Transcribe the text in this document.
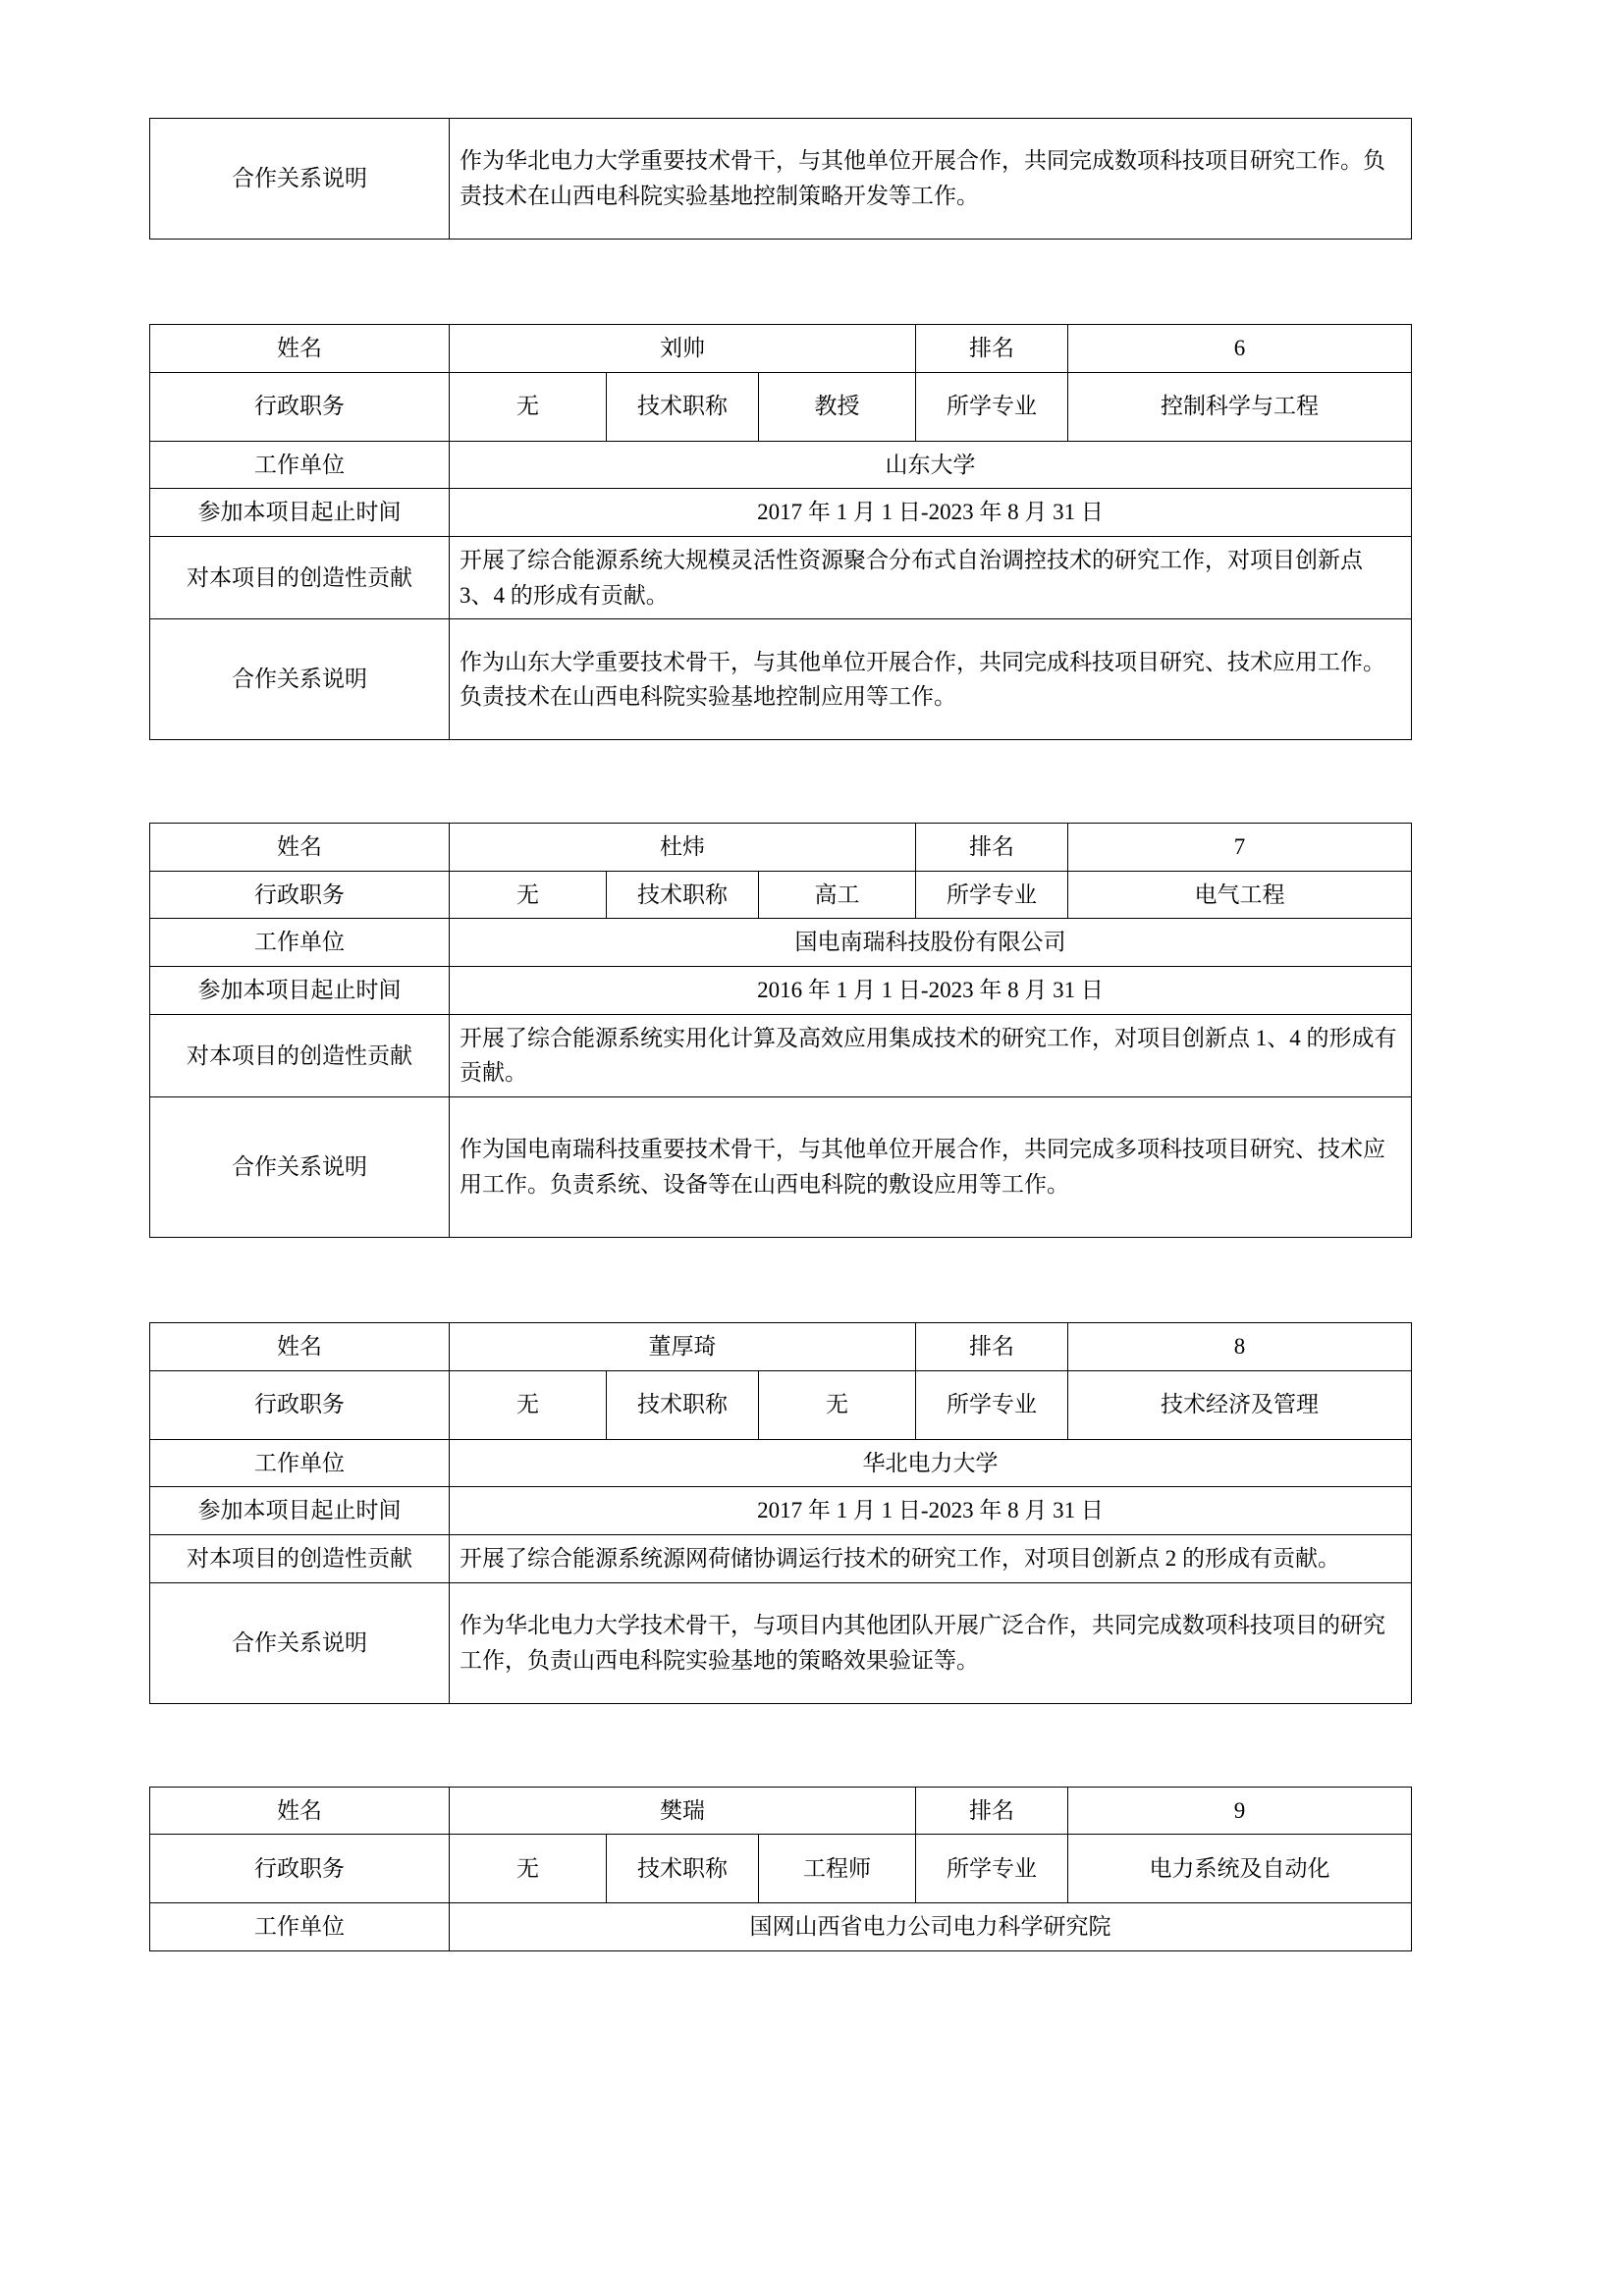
合作关系说明	作为华北电力大学重要技术骨干，与其他单位开展合作，共同完成数项科技项目研究工作。负责技术在山西电科院实验基地控制策略开发等工作。
姓名	刘帅			排名	6
行政职务	无	技术职称	教授	所学专业	控制科学与工程
工作单位	山东大学				
参加本项目起止时间	2017 年 1 月 1 日-2023 年 8 月 31 日				
对本项目的创造性贡献	开展了综合能源系统大规模灵活性资源聚合分布式自治调控技术的研究工作，对项目创新点 3、4 的形成有贡献。				
合作关系说明	作为山东大学重要技术骨干，与其他单位开展合作，共同完成科技项目研究、技术应用工作。负责技术在山西电科院实验基地控制应用等工作。				
姓名	杜炜			排名	7
行政职务	无	技术职称	高工	所学专业	电气工程
工作单位	国电南瑞科技股份有限公司				
参加本项目起止时间	2016 年 1 月 1 日-2023 年 8 月 31 日				
对本项目的创造性贡献	开展了综合能源系统实用化计算及高效应用集成技术的研究工作，对项目创新点 1、4 的形成有贡献。				
合作关系说明	作为国电南瑞科技重要技术骨干，与其他单位开展合作，共同完成多项科技项目研究、技术应用工作。负责系统、设备等在山西电科院的敷设应用等工作。				
姓名	董厚琦			排名	8
行政职务	无	技术职称	无	所学专业	技术经济及管理
工作单位	华北电力大学				
参加本项目起止时间	2017 年 1 月 1 日-2023 年 8 月 31 日				
对本项目的创造性贡献	开展了综合能源系统源网荷储协调运行技术的研究工作，对项目创新点 2 的形成有贡献。				
合作关系说明	作为华北电力大学技术骨干，与项目内其他团队开展广泛合作，共同完成数项科技项目的研究工作，负责山西电科院实验基地的策略效果验证等。				
姓名	樊瑞			排名	9
行政职务	无	技术职称	工程师	所学专业	电力系统及自动化
工作单位	国网山西省电力公司电力科学研究院				
